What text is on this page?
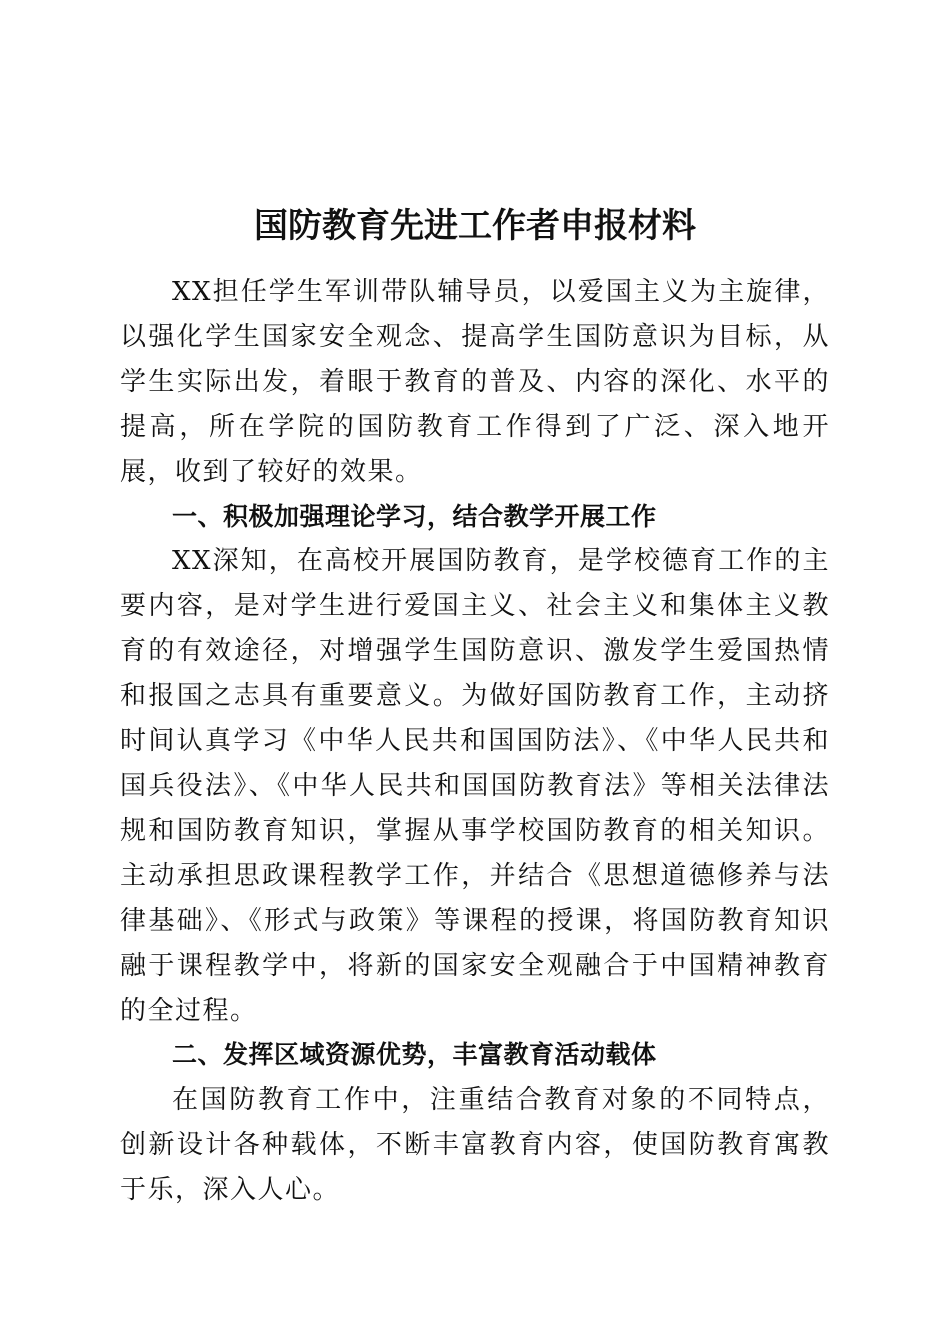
国防教育先进工作者申报材料

XX担任学生军训带队辅导员，以爱国主义为主旋律，以强化学生国家安全观念、提高学生国防意识为目标，从学生实际出发，着眼于教育的普及、内容的深化、水平的提高，所在学院的国防教育工作得到了广泛、深入地开展，收到了较好的效果。

一、积极加强理论学习，结合教学开展工作

XX深知，在高校开展国防教育，是学校德育工作的主要内容，是对学生进行爱国主义、社会主义和集体主义教育的有效途径，对增强学生国防意识、激发学生爱国热情和报国之志具有重要意义。为做好国防教育工作，主动挤时间认真学习《中华人民共和国国防法》、《中华人民共和国兵役法》、《中华人民共和国国防教育法》等相关法律法规和国防教育知识，掌握从事学校国防教育的相关知识。主动承担思政课程教学工作，并结合《思想道德修养与法律基础》、《形式与政策》等课程的授课，将国防教育知识融于课程教学中，将新的国家安全观融合于中国精神教育的全过程。

二、发挥区域资源优势，丰富教育活动载体

在国防教育工作中，注重结合教育对象的不同特点，创新设计各种载体，不断丰富教育内容，使国防教育寓教于乐，深入人心。
